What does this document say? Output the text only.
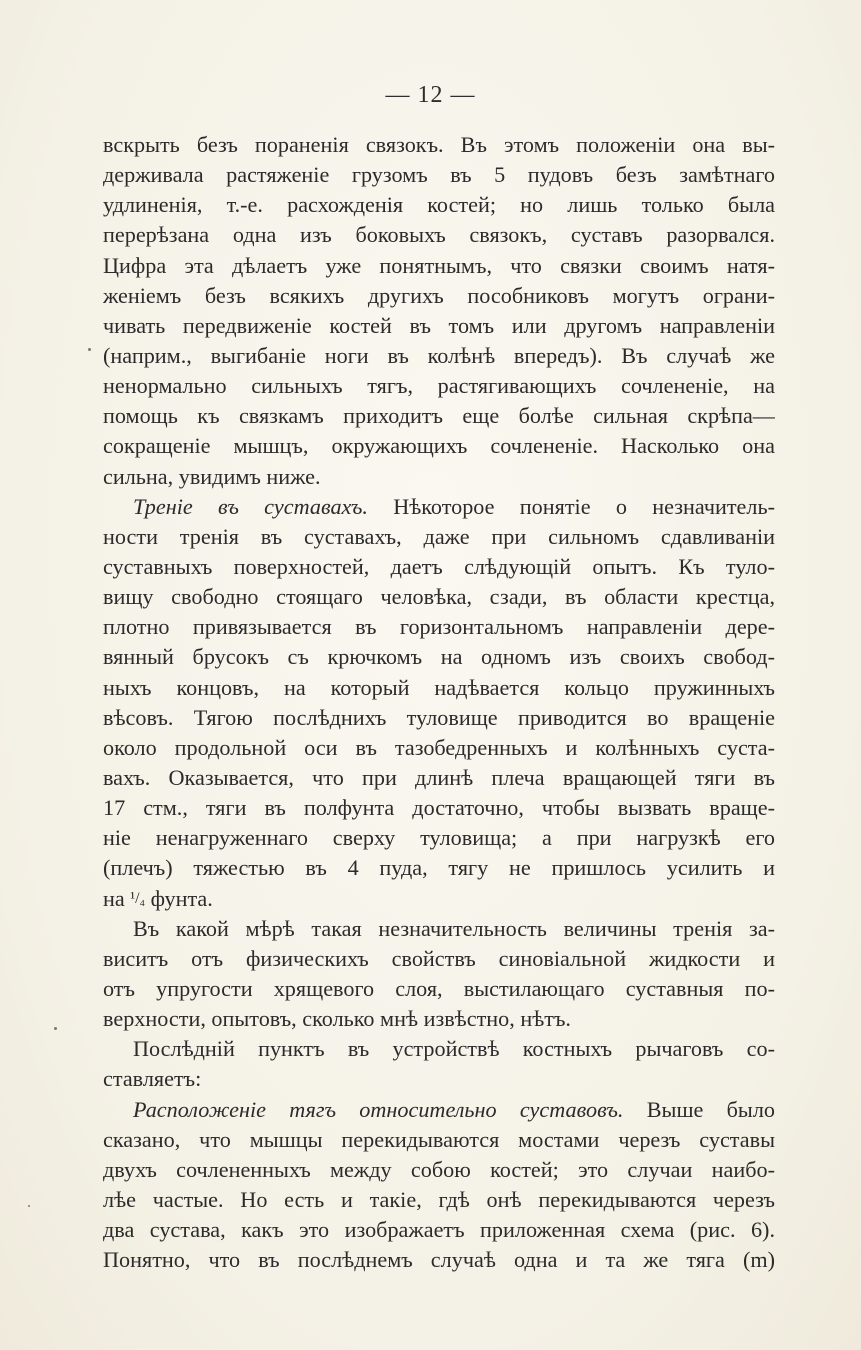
— 12 —
вскрыть безъ пораненія связокъ. Въ этомъ положеніи она вы-
держивала растяженіе грузомъ въ 5 пудовъ безъ замѣтнаго
удлиненія, т.-е. расхожденія костей; но лишь только была
перерѣзана одна изъ боковыхъ связокъ, суставъ разорвался.
Цифра эта дѣлаетъ уже понятнымъ, что связки своимъ натя-
женіемъ безъ всякихъ другихъ пособниковъ могутъ ограни-
чивать передвиженіе костей въ томъ или другомъ направленіи
(наприм., выгибаніе ноги въ колѣнѣ впередъ). Въ случаѣ же
ненормально сильныхъ тягъ, растягивающихъ сочлененіе, на
помощь къ связкамъ приходитъ еще болѣе сильная скрѣпа—
сокращеніе мышцъ, окружающихъ сочлененіе. Насколько она
сильна, увидимъ ниже.
Треніе въ суставахъ. Нѣкоторое понятіе о незначитель-
ности тренія въ суставахъ, даже при сильномъ сдавливаніи
суставныхъ поверхностей, даетъ слѣдующій опытъ. Къ туло-
вищу свободно стоящаго человѣка, сзади, въ области крестца,
плотно привязывается въ горизонтальномъ направленіи дере-
вянный брусокъ съ крючкомъ на одномъ изъ своихъ свобод-
ныхъ концовъ, на который надѣвается кольцо пружинныхъ
вѣсовъ. Тягою послѣднихъ туловище приводится во вращеніе
около продольной оси въ тазобедренныхъ и колѣнныхъ суста-
вахъ. Оказывается, что при длинѣ плеча вращающей тяги въ
17 стм., тяги въ полфунта достаточно, чтобы вызвать враще-
ніе ненагруженнаго сверху туловища; а при нагрузкѣ его
(плечъ) тяжестью въ 4 пуда, тягу не пришлось усилить и
на ¹/₄ фунта.
Въ какой мѣрѣ такая незначительность величины тренія за-
виситъ отъ физическихъ свойствъ синовіальной жидкости и
отъ упругости хрящевого слоя, выстилающаго суставныя по-
верхности, опытовъ, сколько мнѣ извѣстно, нѣтъ.
Послѣдній пунктъ въ устройствѣ костныхъ рычаговъ со-
ставляетъ:
Расположеніе тягъ относительно суставовъ. Выше было
сказано, что мышцы перекидываются мостами черезъ суставы
двухъ сочлененныхъ между собою костей; это случаи наибо-
лѣе частые. Но есть и такіе, гдѣ онѣ перекидываются черезъ
два сустава, какъ это изображаетъ приложенная схема (рис. 6).
Понятно, что въ послѣднемъ случаѣ одна и та же тяга (m)
